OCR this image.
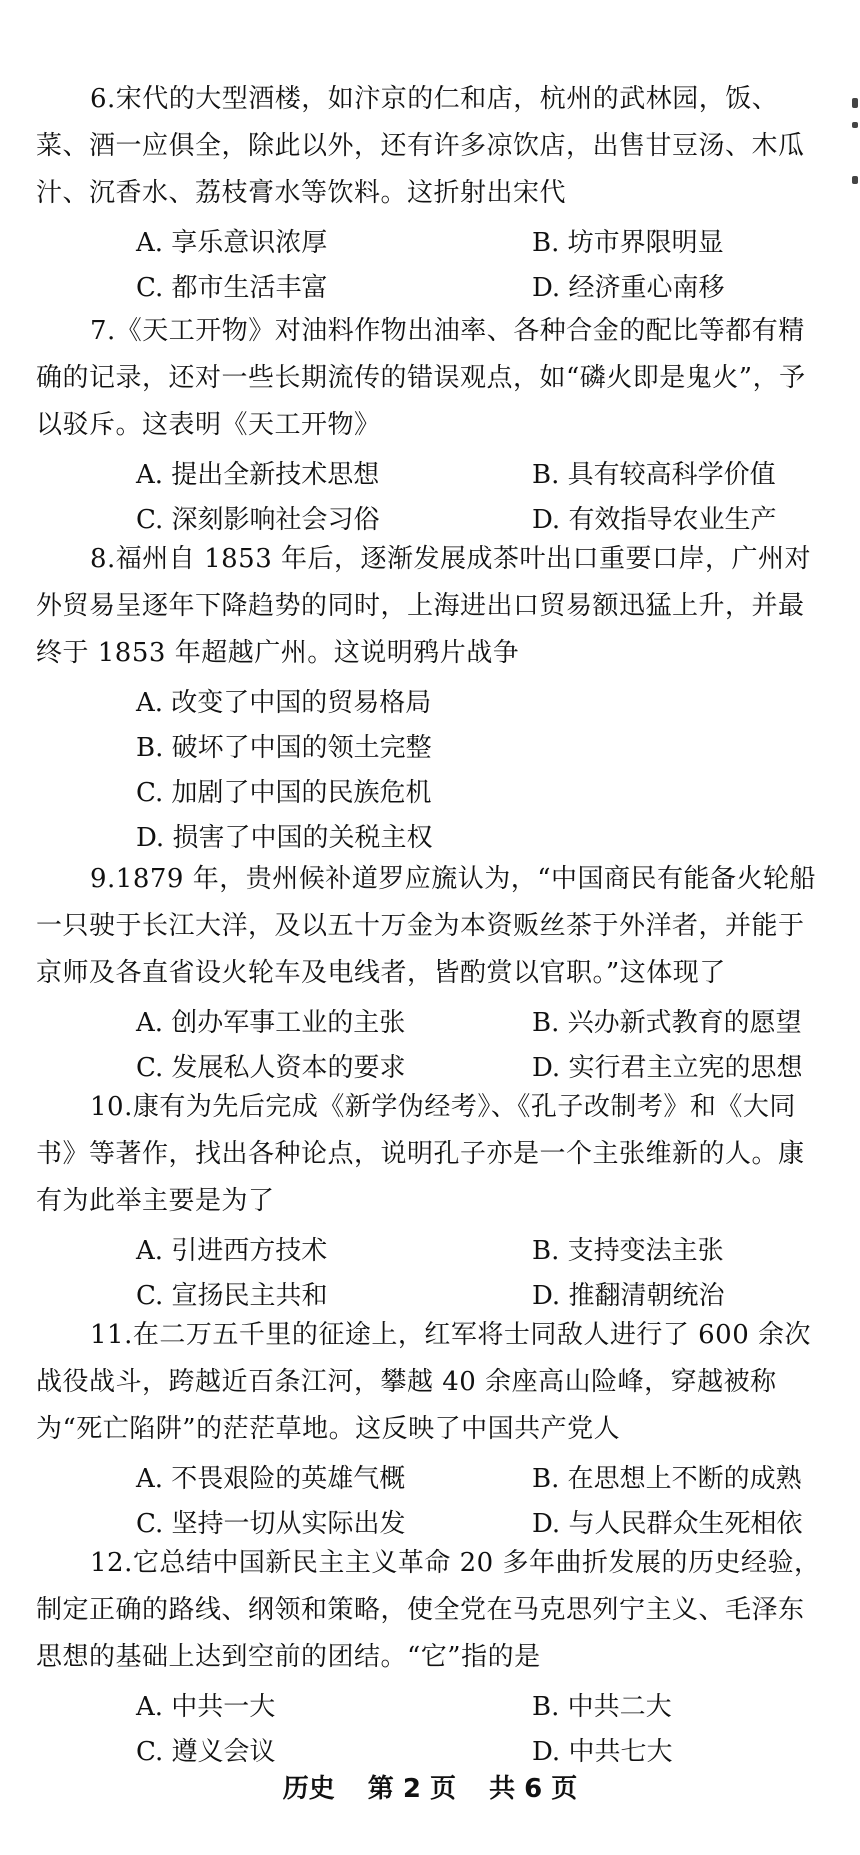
6.宋代的大型酒楼，如汴京的仁和店，杭州的武林园，饭、菜、酒一应俱全，除此以外，还有许多凉饮店，出售甘豆汤、木瓜汁、沉香水、荔枝膏水等饮料。这折射出宋代

A. 享乐意识浓厚	B. 坊市界限明显
C. 都市生活丰富	D. 经济重心南移

7.《天工开物》对油料作物出油率、各种合金的配比等都有精确的记录，还对一些长期流传的错误观点，如“磷火即是鬼火”，予以驳斥。这表明《天工开物》

A. 提出全新技术思想	B. 具有较高科学价值
C. 深刻影响社会习俗	D. 有效指导农业生产

8.福州自 1853 年后，逐渐发展成茶叶出口重要口岸，广州对外贸易呈逐年下降趋势的同时，上海进出口贸易额迅猛上升，并最终于 1853 年超越广州。这说明鸦片战争

A. 改变了中国的贸易格局
B. 破坏了中国的领土完整
C. 加剧了中国的民族危机
D. 损害了中国的关税主权

9.1879 年，贵州候补道罗应旒认为，“中国商民有能备火轮船一只驶于长江大洋，及以五十万金为本资贩丝茶于外洋者，并能于京师及各直省设火轮车及电线者，皆酌赏以官职。”这体现了

A. 创办军事工业的主张	B. 兴办新式教育的愿望
C. 发展私人资本的要求	D. 实行君主立宪的思想

10.康有为先后完成《新学伪经考》、《孔子改制考》和《大同书》等著作，找出各种论点，说明孔子亦是一个主张维新的人。康有为此举主要是为了

A. 引进西方技术	B. 支持变法主张
C. 宣扬民主共和	D. 推翻清朝统治

11.在二万五千里的征途上，红军将士同敌人进行了 600 余次战役战斗，跨越近百条江河，攀越 40 余座高山险峰，穿越被称为“死亡陷阱”的茫茫草地。这反映了中国共产党人

A. 不畏艰险的英雄气概	B. 在思想上不断的成熟
C. 坚持一切从实际出发	D. 与人民群众生死相依

12.它总结中国新民主主义革命 20 多年曲折发展的历史经验，制定正确的路线、纲领和策略，使全党在马克思列宁主义、毛泽东思想的基础上达到空前的团结。“它”指的是

A. 中共一大	B. 中共二大
C. 遵义会议	D. 中共七大
历史 第 2 页 共 6 页
